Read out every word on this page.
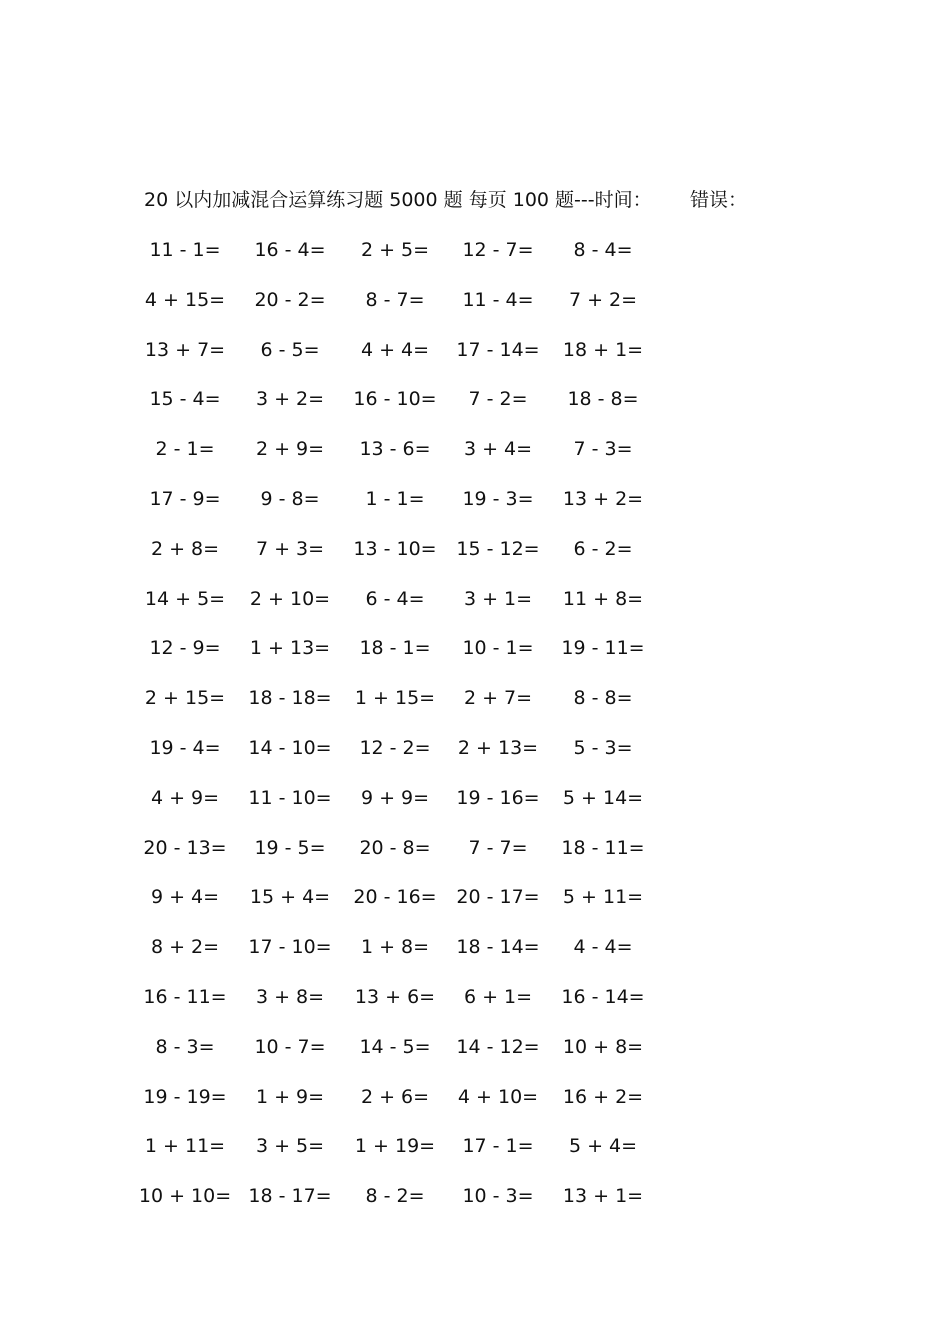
20 以内加减混合运算练习题 5000 题 每页 100 题---时间： 错误：
11 - 1=	16 - 4=	2 + 5=	12 - 7=	8 - 4=
4 + 15=	20 - 2=	8 - 7=	11 - 4=	7 + 2=
13 + 7=	6 - 5=	4 + 4=	17 - 14=	18 + 1=
15 - 4=	3 + 2=	16 - 10=	7 - 2=	18 - 8=
2 - 1=	2 + 9=	13 - 6=	3 + 4=	7 - 3=
17 - 9=	9 - 8=	1 - 1=	19 - 3=	13 + 2=
2 + 8=	7 + 3=	13 - 10=	15 - 12=	6 - 2=
14 + 5=	2 + 10=	6 - 4=	3 + 1=	11 + 8=
12 - 9=	1 + 13=	18 - 1=	10 - 1=	19 - 11=
2 + 15=	18 - 18=	1 + 15=	2 + 7=	8 - 8=
19 - 4=	14 - 10=	12 - 2=	2 + 13=	5 - 3=
4 + 9=	11 - 10=	9 + 9=	19 - 16=	5 + 14=
20 - 13=	19 - 5=	20 - 8=	7 - 7=	18 - 11=
9 + 4=	15 + 4=	20 - 16=	20 - 17=	5 + 11=
8 + 2=	17 - 10=	1 + 8=	18 - 14=	4 - 4=
16 - 11=	3 + 8=	13 + 6=	6 + 1=	16 - 14=
8 - 3=	10 - 7=	14 - 5=	14 - 12=	10 + 8=
19 - 19=	1 + 9=	2 + 6=	4 + 10=	16 + 2=
1 + 11=	3 + 5=	1 + 19=	17 - 1=	5 + 4=
10 + 10= 18 - 17=	8 - 2=	10 - 3=	13 + 1=
